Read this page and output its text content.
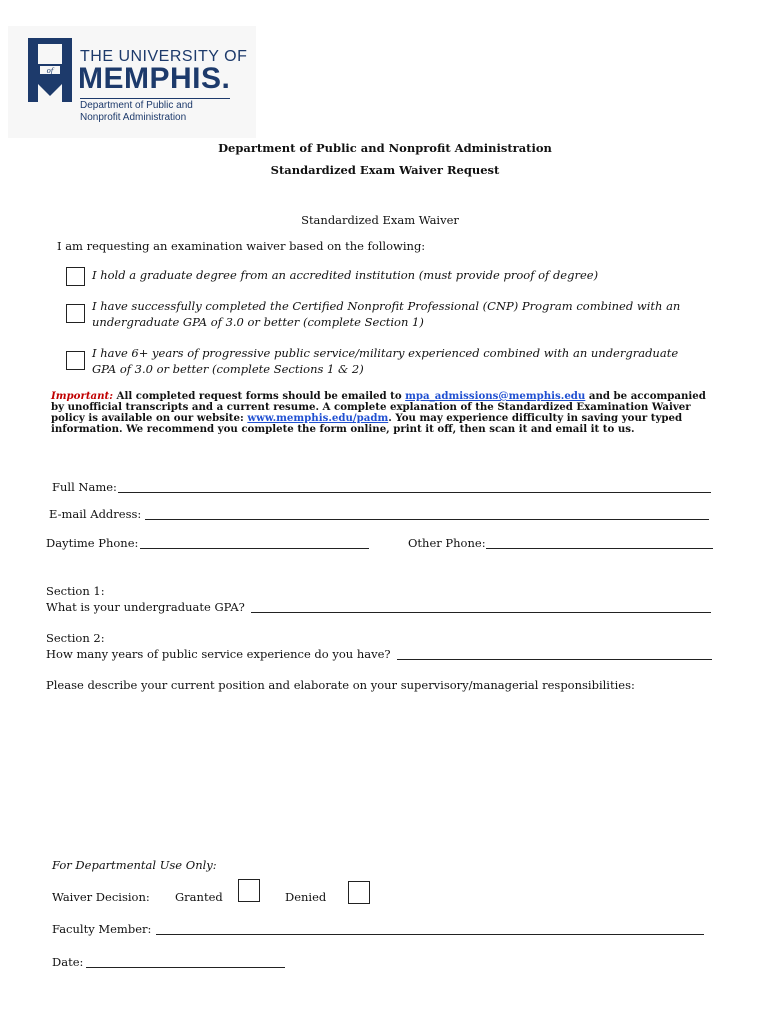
of
THE UNIVERSITY OF
MEMPHIS.
Department of Public and
Nonprofit Administration
Department of Public and Nonprofit Administration
Standardized Exam Waiver Request
Standardized Exam Waiver
I am requesting an examination waiver based on the following:
I hold a graduate degree from an accredited institution (must provide proof of degree)
I have successfully completed the Certified Nonprofit Professional (CNP) Program combined with an
undergraduate GPA of 3.0 or better (complete Section 1)
I have 6+ years of progressive public service/military experienced combined with an undergraduate
GPA of 3.0 or better (complete Sections 1 & 2)
Important: All completed request forms should be emailed to mpa_admissions@memphis.edu and be accompanied by unofficial transcripts and a current resume. A complete explanation of the Standardized Examination Waiver policy is available on our website: www.memphis.edu/padm. You may experience difficulty in saving your typed information. We recommend you complete the form online, print it off, then scan it and email it to us.
Full Name:
E-mail Address:
Daytime Phone:	Other Phone:
Section 1:
What is your undergraduate GPA?
Section 2:
How many years of public service experience do you have?
Please describe your current position and elaborate on your supervisory/managerial responsibilities:
For Departmental Use Only:
Waiver Decision: Granted	Denied
Faculty Member:
Date:
